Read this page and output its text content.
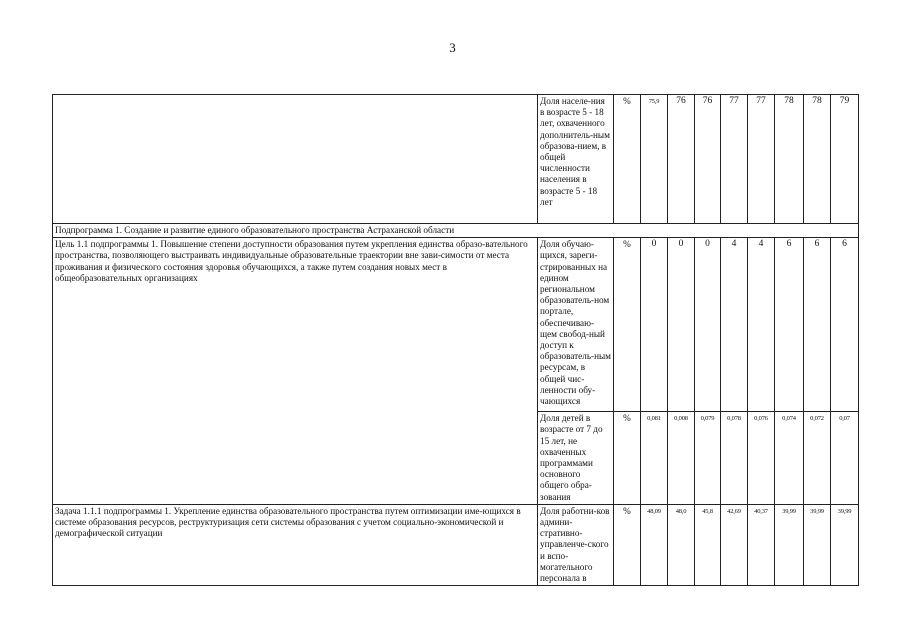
3
	Доля населе-ния в возрасте 5 - 18 лет, охваченного дополнитель-ным образова-нием, в общей численности населения в возрасте 5 - 18 лет	%	75,9	76	76	77	77	78	78	79
Подпрограмма 1. Создание и развитие единого образовательного пространства Астраханской области										
Цель 1.1 подпрограммы 1. Повышение степени доступности образования путем укрепления единства образо-вательного пространства, позволяющего выстраивать индивидуальные образовательные траектории вне зави-симости от места проживания и физического состояния здоровья обучающихся, а также путем создания новых мест в общеобразовательных организациях	Доля обучаю-щихся, зареги-стрированных на едином региональном образователь-ном портале, обеспечиваю-щем свобод-ный доступ к образователь-ным ресурсам, в общей чис-ленности обу-чающихся	%	0	0	0	4	4	6	6	6
	Доля детей в возрасте от 7 до 15 лет, не охваченных программами основного общего обра-зования	%	0,081	0,008	0,079	0,078	0,076	0,074	0,072	0,07
Задача 1.1.1 подпрограммы 1. Укрепление единства образовательного пространства путем оптимизации име-ющихся в системе образования ресурсов, реструктуризация сети системы образования с учетом социально-экономической и демографической ситуации	Доля работни-ков админи-стративно-управленче-ского и вспо-могательного персонала в	%	48,09	48,0	45,8	42,69	40,37	39,99	39,99	39,99
